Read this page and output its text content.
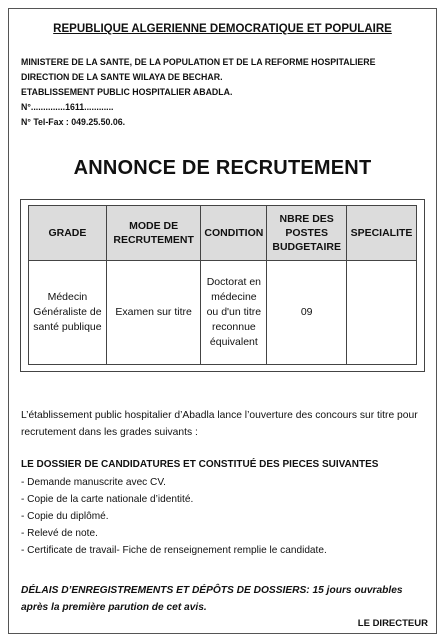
REPUBLIQUE ALGERIENNE DEMOCRATIQUE ET POPULAIRE
MINISTERE DE LA SANTE, DE LA POPULATION ET DE LA REFORME HOSPITALIERE
DIRECTION DE LA SANTE WILAYA DE BECHAR.
ETABLISSEMENT PUBLIC HOSPITALIER ABADLA.
N°..............1611............
N° Tel-Fax : 049.25.50.06.
ANNONCE DE RECRUTEMENT
GRADE	MODE DE RECRUTEMENT	CONDITION	NBRE DES POSTES BUDGETAIRE	SPECIALITE
Médecin Généraliste de santé publique	Examen sur titre	Doctorat en médecine ou d'un titre reconnue équivalent	09	
L’établissement public hospitalier d’Abadla lance l’ouverture des concours sur titre pour recrutement dans les grades suivants :
LE DOSSIER DE CANDIDATURES ET CONSTITUÉ DES PIECES SUIVANTES
- Demande manuscrite avec CV.
- Copie de la carte nationale d’identité.
- Copie du diplômé.
- Relevé de note.
- Certificate de travail- Fiche de renseignement remplie le candidate.
DÉLAIS D’ENREGISTREMENTS ET DÉPÔTS DE DOSSIERS: 15 jours ouvrables après la première parution de cet avis.
LE DIRECTEUR
